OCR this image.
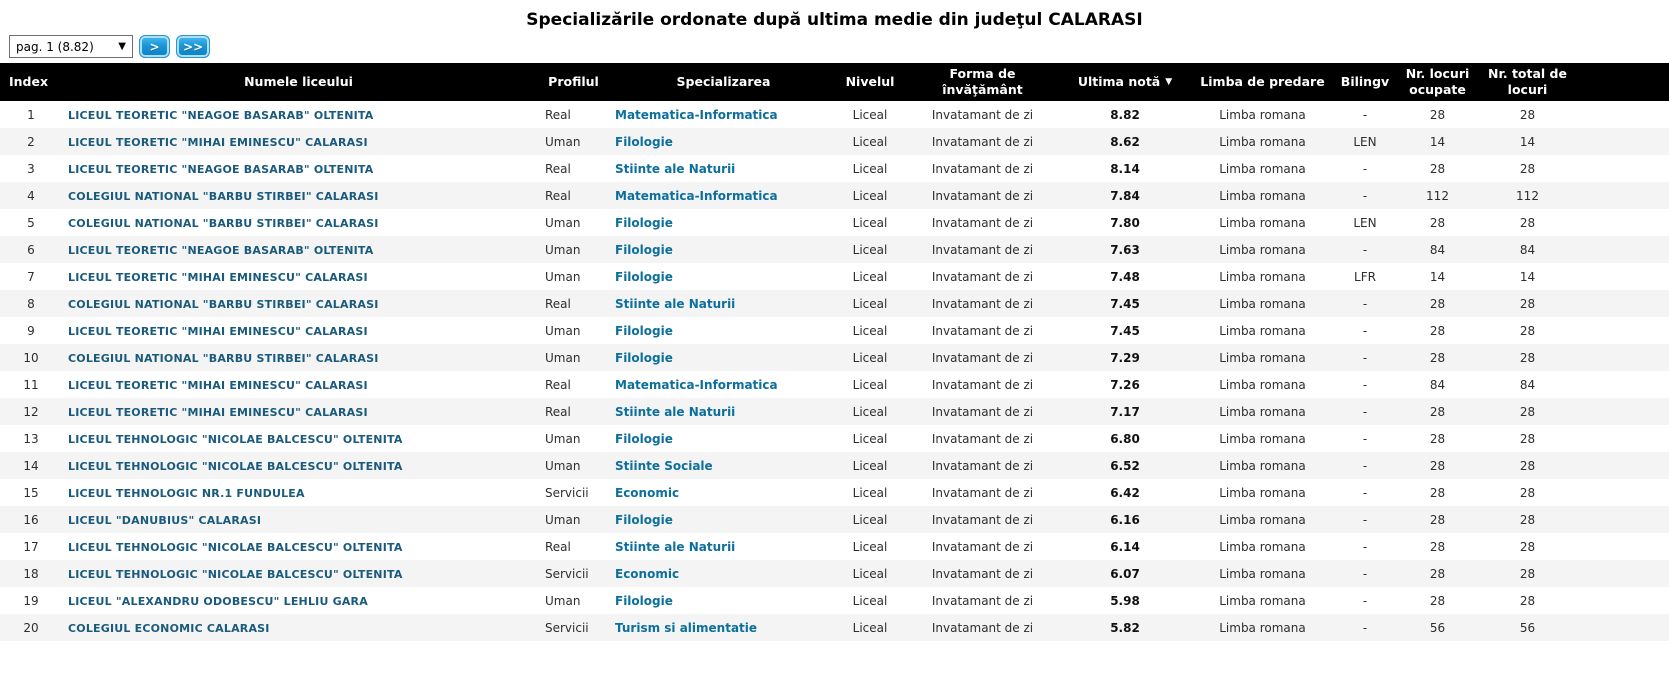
Specializările ordonate după ultima medie din judeţul CALARASI
pag. 1 (8.82) ▼	>	>>
Index	Numele liceului	Profilul	Specializarea	Nivelul	Forma de învăţământ	Ultima notă ▼	Limba de predare	Bilingv	Nr. locuri ocupate	Nr. total de locuri	
1	LICEUL TEORETIC "NEAGOE BASARAB" OLTENITA	Real	Matematica-Informatica	Liceal	Invatamant de zi	8.82	Limba romana	-	28	28	
2	LICEUL TEORETIC "MIHAI EMINESCU" CALARASI	Uman	Filologie	Liceal	Invatamant de zi	8.62	Limba romana	LEN	14	14	
3	LICEUL TEORETIC "NEAGOE BASARAB" OLTENITA	Real	Stiinte ale Naturii	Liceal	Invatamant de zi	8.14	Limba romana	-	28	28	
4	COLEGIUL NATIONAL "BARBU STIRBEI" CALARASI	Real	Matematica-Informatica	Liceal	Invatamant de zi	7.84	Limba romana	-	112	112	
5	COLEGIUL NATIONAL "BARBU STIRBEI" CALARASI	Uman	Filologie	Liceal	Invatamant de zi	7.80	Limba romana	LEN	28	28	
6	LICEUL TEORETIC "NEAGOE BASARAB" OLTENITA	Uman	Filologie	Liceal	Invatamant de zi	7.63	Limba romana	-	84	84	
7	LICEUL TEORETIC "MIHAI EMINESCU" CALARASI	Uman	Filologie	Liceal	Invatamant de zi	7.48	Limba romana	LFR	14	14	
8	COLEGIUL NATIONAL "BARBU STIRBEI" CALARASI	Real	Stiinte ale Naturii	Liceal	Invatamant de zi	7.45	Limba romana	-	28	28	
9	LICEUL TEORETIC "MIHAI EMINESCU" CALARASI	Uman	Filologie	Liceal	Invatamant de zi	7.45	Limba romana	-	28	28	
10	COLEGIUL NATIONAL "BARBU STIRBEI" CALARASI	Uman	Filologie	Liceal	Invatamant de zi	7.29	Limba romana	-	28	28	
11	LICEUL TEORETIC "MIHAI EMINESCU" CALARASI	Real	Matematica-Informatica	Liceal	Invatamant de zi	7.26	Limba romana	-	84	84	
12	LICEUL TEORETIC "MIHAI EMINESCU" CALARASI	Real	Stiinte ale Naturii	Liceal	Invatamant de zi	7.17	Limba romana	-	28	28	
13	LICEUL TEHNOLOGIC "NICOLAE BALCESCU" OLTENITA	Uman	Filologie	Liceal	Invatamant de zi	6.80	Limba romana	-	28	28	
14	LICEUL TEHNOLOGIC "NICOLAE BALCESCU" OLTENITA	Uman	Stiinte Sociale	Liceal	Invatamant de zi	6.52	Limba romana	-	28	28	
15	LICEUL TEHNOLOGIC NR.1 FUNDULEA	Servicii	Economic	Liceal	Invatamant de zi	6.42	Limba romana	-	28	28	
16	LICEUL "DANUBIUS" CALARASI	Uman	Filologie	Liceal	Invatamant de zi	6.16	Limba romana	-	28	28	
17	LICEUL TEHNOLOGIC "NICOLAE BALCESCU" OLTENITA	Real	Stiinte ale Naturii	Liceal	Invatamant de zi	6.14	Limba romana	-	28	28	
18	LICEUL TEHNOLOGIC "NICOLAE BALCESCU" OLTENITA	Servicii	Economic	Liceal	Invatamant de zi	6.07	Limba romana	-	28	28	
19	LICEUL "ALEXANDRU ODOBESCU" LEHLIU GARA	Uman	Filologie	Liceal	Invatamant de zi	5.98	Limba romana	-	28	28	
20	COLEGIUL ECONOMIC CALARASI	Servicii	Turism si alimentatie	Liceal	Invatamant de zi	5.82	Limba romana	-	56	56	
